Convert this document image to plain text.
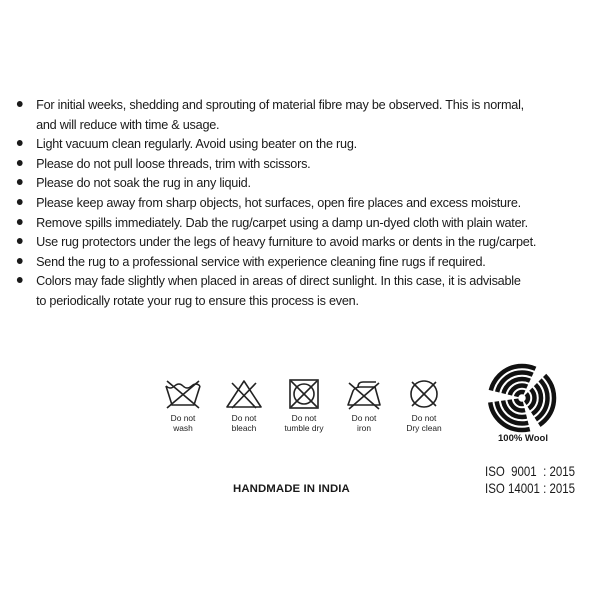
For initial weeks, shedding and sprouting of material fibre may be observed. This is normal,
and will reduce with time & usage.
Light vacuum clean regularly. Avoid using beater on the rug.
Please do not pull loose threads, trim with scissors.
Please do not soak the rug in any liquid.
Please keep away from sharp objects, hot surfaces, open fire places and excess moisture.
Remove spills immediately. Dab the rug/carpet using a damp un-dyed cloth with plain water.
Use rug protectors under the legs of heavy furniture to avoid marks or dents in the rug/carpet.
Send the rug to a professional service with experience cleaning fine rugs if required.
Colors may fade slightly when placed in areas of direct sunlight. In this case, it is advisable
to periodically rotate your rug to ensure this process is even.
Do not
wash
Do not
bleach
Do not
tumble dry
Do not
iron
Do not
Dry clean
100% Wool
HANDMADE IN INDIA
ISO  9001  : 2015
ISO 14001 : 2015
